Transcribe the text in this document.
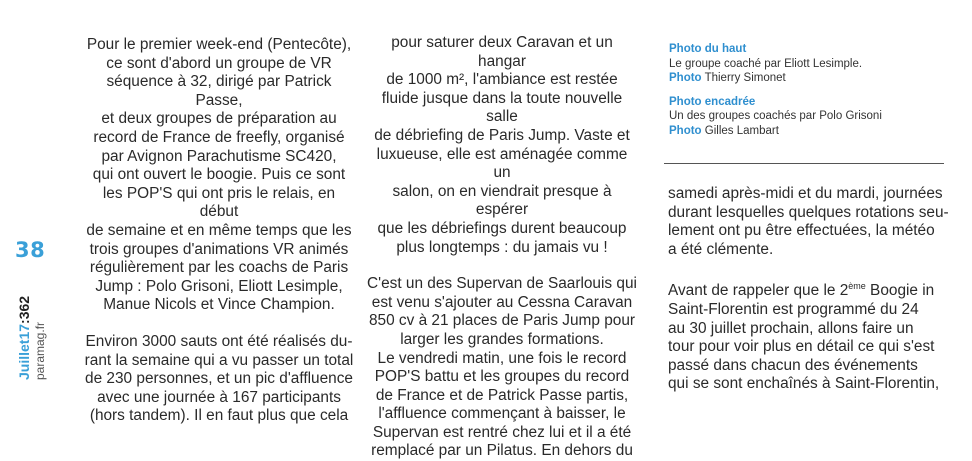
38
Juillet17:362
paramag.fr

Pour le premier week-end (Pentecôte),
ce sont d'abord un groupe de VR
séquence à 32, dirigé par Patrick Passe,
et deux groupes de préparation au
record de France de freefly, organisé
par Avignon Parachutisme SC420,
qui ont ouvert le boogie. Puis ce sont
les POP'S qui ont pris le relais, en début
de semaine et en même temps que les
trois groupes d'animations VR animés
régulièrement par les coachs de Paris
Jump : Polo Grisoni, Eliott Lesimple,
Manue Nicols et Vince Champion.

Environ 3000 sauts ont été réalisés du-
rant la semaine qui a vu passer un total
de 230 personnes, et un pic d'affluence
avec une journée à 167 participants
(hors tandem). Il en faut plus que cela

pour saturer deux Caravan et un hangar
de 1000 m², l'ambiance est restée
fluide jusque dans la toute nouvelle salle
de débriefing de Paris Jump. Vaste et
luxueuse, elle est aménagée comme un
salon, on en viendrait presque à espérer
que les débriefings durent beaucoup
plus longtemps : du jamais vu !

C'est un des Supervan de Saarlouis qui
est venu s'ajouter au Cessna Caravan
850 cv à 21 places de Paris Jump pour
larger les grandes formations.
Le vendredi matin, une fois le record
POP'S battu et les groupes du record
de France et de Patrick Passe partis,
l'affluence commençant à baisser, le
Supervan est rentré chez lui et il a été
remplacé par un Pilatus. En dehors du

Photo du haut
Le groupe coaché par Eliott Lesimple.
Photo Thierry Simonet
Photo encadrée
Un des groupes coachés par Polo Grisoni
Photo Gilles Lambart

samedi après-midi et du mardi, journées
durant lesquelles quelques rotations seu-
lement ont pu être effectuées, la météo
a été clémente.

Avant de rappeler que le 2ème Boogie in
Saint-Florentin est programmé du 24
au 30 juillet prochain, allons faire un
tour pour voir plus en détail ce qui s'est
passé dans chacun des événements
qui se sont enchaînés à Saint-Florentin,
